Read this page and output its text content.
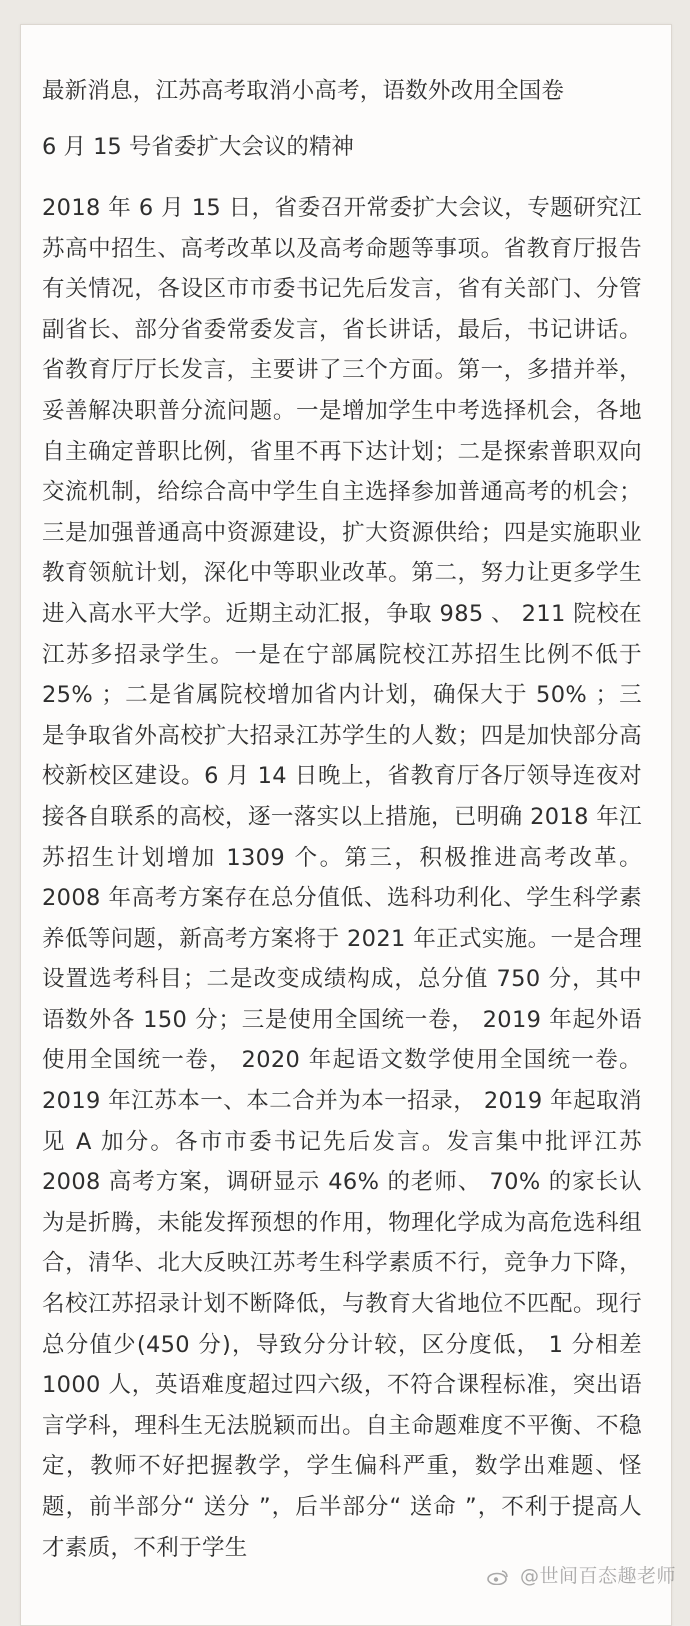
最新消息，江苏高考取消小高考，语数外改用全国卷
6 月 15 号省委扩大会议的精神

2018 年 6 月 15 日，省委召开常委扩大会议，专题研究江苏高中招生、高考改革以及高考命题等事项。省教育厅报告有关情况，各设区市市委书记先后发言，省有关部门、分管副省长、部分省委常委发言，省长讲话，最后，书记讲话。省教育厅厅长发言，主要讲了三个方面。第一，多措并举，妥善解决职普分流问题。一是增加学生中考选择机会，各地自主确定普职比例，省里不再下达计划；二是探索普职双向交流机制，给综合高中学生自主选择参加普通高考的机会；三是加强普通高中资源建设，扩大资源供给；四是实施职业教育领航计划，深化中等职业改革。第二，努力让更多学生进入高水平大学。近期主动汇报，争取 985 、 211 院校在江苏多招录学生。一是在宁部属院校江苏招生比例不低于 25% ；二是省属院校增加省内计划，确保大于 50% ；三是争取省外高校扩大招录江苏学生的人数；四是加快部分高校新校区建设。6 月 14 日晚上，省教育厅各厅领导连夜对接各自联系的高校，逐一落实以上措施，已明确 2018 年江苏招生计划增加 1309 个。第三，积极推进高考改革。2008 年高考方案存在总分值低、选科功利化、学生科学素养低等问题，新高考方案将于 2021 年正式实施。一是合理设置选考科目；二是改变成绩构成，总分值 750 分，其中语数外各 150 分；三是使用全国统一卷， 2019 年起外语使用全国统一卷， 2020 年起语文数学使用全国统一卷。 2019 年江苏本一、本二合并为本一招录， 2019 年起取消见 A 加分。各市市委书记先后发言。发言集中批评江苏 2008 高考方案，调研显示 46% 的老师、 70% 的家长认为是折腾，未能发挥预想的作用，物理化学成为高危选科组合，清华、北大反映江苏考生科学素质不行，竞争力下降，名校江苏招录计划不断降低，与教育大省地位不匹配。现行总分值少(450 分)，导致分分计较，区分度低， 1 分相差 1000 人，英语难度超过四六级，不符合课程标准，突出语言学科，理科生无法脱颖而出。自主命题难度不平衡、不稳定，教师不好把握教学，学生偏科严重，数学出难题、怪题，前半部分“ 送分 ”，后半部分“ 送命 ”，不利于提高人才素质，不利于学生

@世间百态趣老师
